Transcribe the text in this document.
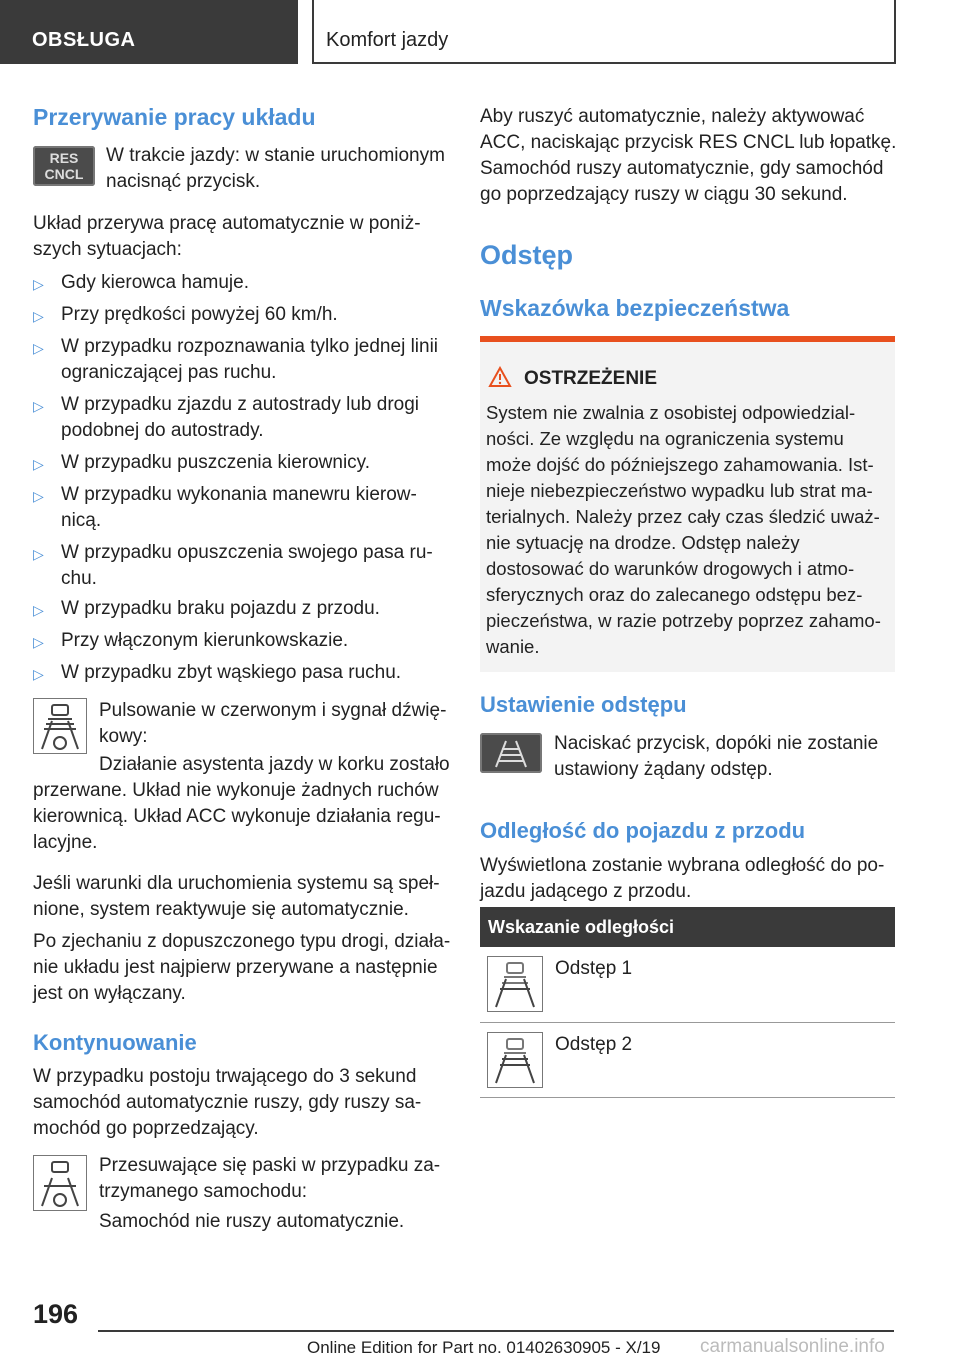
OBSŁUGA	Komfort jazdy
Przerywanie pracy układu
RES
CNCL

W trakcie jazdy: w stanie uruchomionym

nacisnąć przycisk.

Układ przerywa pracę automatycznie w poniż-

szych sytuacjach:

▷ Gdy kierowca hamuje.
▷ Przy prędkości powyżej 60 km/h.
▷ W przypadku rozpoznawania tylko jednej linii
ograniczającej pas ruchu.
▷ W przypadku zjazdu z autostrady lub drogi
podobnej do autostrady.
▷ W przypadku puszczenia kierownicy.
▷ W przypadku wykonania manewru kierow-
nicą.
▷ W przypadku opuszczenia swojego pasa ru-
chu.
▷ W przypadku braku pojazdu z przodu.
▷ Przy włączonym kierunkowskazie.
▷ W przypadku zbyt wąskiego pasa ruchu.

Pulsowanie w czerwonym i sygnał dźwię-

kowy:

Działanie asystenta jazdy w korku zostało

przerwane. Układ nie wykonuje żadnych ruchów

kierownicą. Układ ACC wykonuje działania regu-

lacyjne.

Jeśli warunki dla uruchomienia systemu są speł-

nione, system reaktywuje się automatycznie.

Po zjechaniu z dopuszczonego typu drogi, działa-

nie układu jest najpierw przerywane a następnie

jest on wyłączany.

Kontynuowanie

W przypadku postoju trwającego do 3 sekund

samochód automatycznie ruszy, gdy ruszy sa-

mochód go poprzedzający.

Przesuwające się paski w przypadku za-

trzymanego samochodu:

Samochód nie ruszy automatycznie.

Aby ruszyć automatycznie, należy aktywować

ACC, naciskając przycisk RES CNCL lub łopatkę.

Samochód ruszy automatycznie, gdy samochód

go poprzedzający ruszy w ciągu 30 sekund.

Odstęp
Wskazówka bezpieczeństwa
OSTRZEŻENIE
System nie zwalnia z osobistej odpowiedzial-
ności. Ze względu na ograniczenia systemu
może dojść do późniejszego zahamowania. Ist-
nieje niebezpieczeństwo wypadku lub strat ma-
terialnych. Należy przez cały czas śledzić uważ-
nie sytuację na drodze. Odstęp należy
dostosować do warunków drogowych i atmo-
sferycznych oraz do zalecanego odstępu bez-
pieczeństwa, w razie potrzeby poprzez zahamo-
wanie.
Ustawienie odstępu

Naciskać przycisk, dopóki nie zostanie

ustawiony żądany odstęp.

Odległość do pojazdu z przodu

Wyświetlona zostanie wybrana odległość do po-

jazdu jadącego z przodu.

Wskazanie odległości

Odstęp 1

Odstęp 2

196
Online Edition for Part no. 01402630905 - X/19 carmanualsonline.info
